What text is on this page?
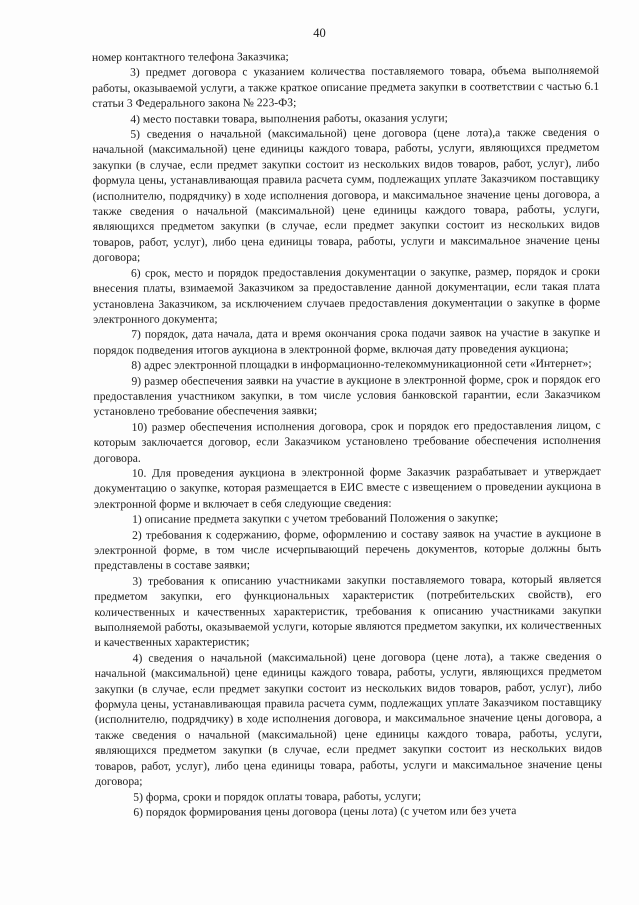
40

номер контактного телефона Заказчика;

3) предмет договора с указанием количества поставляемого товара, объема выполняемой работы, оказываемой услуги, а также краткое описание предмета закупки в соответствии с частью 6.1 статьи 3 Федерального закона № 223-ФЗ;

4) место поставки товара, выполнения работы, оказания услуги;

5) сведения о начальной (максимальной) цене договора (цене лота),а также сведения о начальной (максимальной) цене единицы каждого товара, работы, услуги, являющихся предметом закупки (в случае, если предмет закупки состоит из нескольких видов товаров, работ, услуг), либо формула цены, устанавливающая правила расчета сумм, подлежащих уплате Заказчиком поставщику (исполнителю, подрядчику) в ходе исполнения договора, и максимальное значение цены договора, а также сведения о начальной (максимальной) цене единицы каждого товара, работы, услуги, являющихся предметом закупки (в случае, если предмет закупки состоит из нескольких видов товаров, работ, услуг), либо цена единицы товара, работы, услуги и максимальное значение цены договора;

6) срок, место и порядок предоставления документации о закупке, размер, порядок и сроки внесения платы, взимаемой Заказчиком за предоставление данной документации, если такая плата установлена Заказчиком, за исключением случаев предоставления документации о закупке в форме электронного документа;

7) порядок, дата начала, дата и время окончания срока подачи заявок на участие в закупке и порядок подведения итогов аукциона в электронной форме, включая дату проведения аукциона;

8) адрес электронной площадки в информационно-телекоммуникационной сети «Интернет»;

9) размер обеспечения заявки на участие в аукционе в электронной форме, срок и порядок его предоставления участником закупки, в том числе условия банковской гарантии, если Заказчиком установлено требование обеспечения заявки;

10) размер обеспечения исполнения договора, срок и порядок его предоставления лицом, с которым заключается договор, если Заказчиком установлено требование обеспечения исполнения договора.

10. Для проведения аукциона в электронной форме Заказчик разрабатывает и утверждает документацию о закупке, которая размещается в ЕИС вместе с извещением о проведении аукциона в электронной форме и включает в себя следующие сведения:

1) описание предмета закупки с учетом требований Положения о закупке;

2) требования к содержанию, форме, оформлению и составу заявок на участие в аукционе в электронной форме, в том числе исчерпывающий перечень документов, которые должны быть представлены в составе заявки;

3) требования к описанию участниками закупки поставляемого товара, который является предметом закупки, его функциональных характеристик (потребительских свойств), его количественных и качественных характеристик, требования к описанию участниками закупки выполняемой работы, оказываемой услуги, которые являются предметом закупки, их количественных и качественных характеристик;

4) сведения о начальной (максимальной) цене договора (цене лота), а также сведения о начальной (максимальной) цене единицы каждого товара, работы, услуги, являющихся предметом закупки (в случае, если предмет закупки состоит из нескольких видов товаров, работ, услуг), либо формула цены, устанавливающая правила расчета сумм, подлежащих уплате Заказчиком поставщику (исполнителю, подрядчику) в ходе исполнения договора, и максимальное значение цены договора, а также сведения о начальной (максимальной) цене единицы каждого товара, работы, услуги, являющихся предметом закупки (в случае, если предмет закупки состоит из нескольких видов товаров, работ, услуг), либо цена единицы товара, работы, услуги и максимальное значение цены договора;

5) форма, сроки и порядок оплаты товара, работы, услуги;

6) порядок формирования цены договора (цены лота) (с учетом или без учета
